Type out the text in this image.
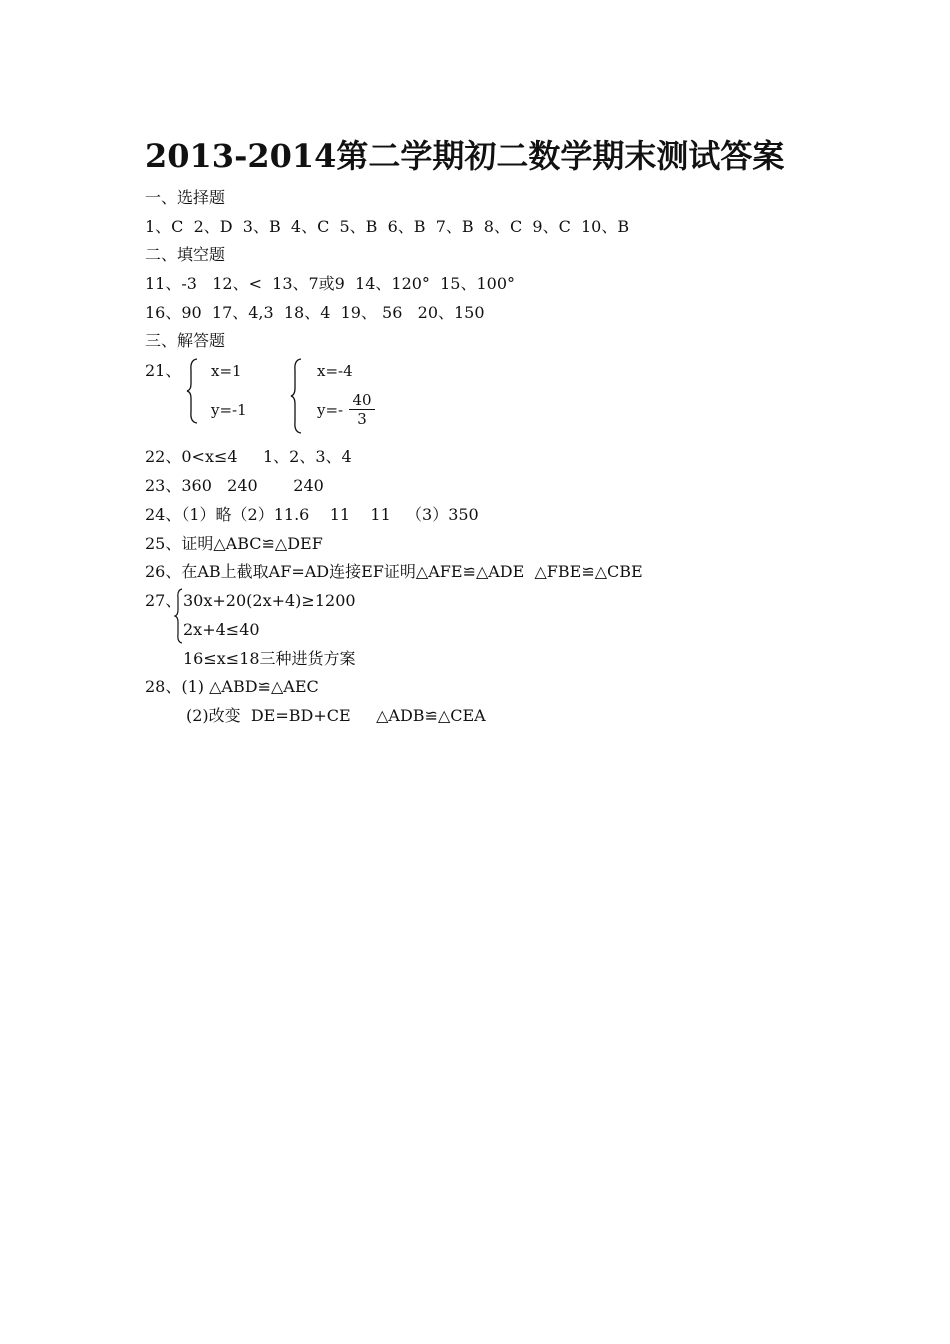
2013-2014第二学期初二数学期末测试答案
一、选择题
1、C  2、D  3、B  4、C  5、B  6、B  7、B  8、C  9、C  10、B
二、填空题
11、-3   12、<  13、7或9  14、120°  15、100°
16、90  17、4,3  18、4  19、 56   20、150
三、解答题
21、 x=1
y=-1
x=-4
$y=- \frac{40}{3}$
22、0<x≤4     1、2、3、4
23、360   240       240
24、（1）略（2）11.6    11    11   （3）350
25、证明△ABC≌△DEF
26、在AB上截取AF=AD连接EF证明△AFE≌△ADE  △FBE≌△CBE
27、 30x+20(2x+4)≥1200
2x+4≤40
16≤x≤18三种进货方案
28、(1) △ABD≌△AEC
(2)改变  DE=BD+CE     △ADB≌△CEA
